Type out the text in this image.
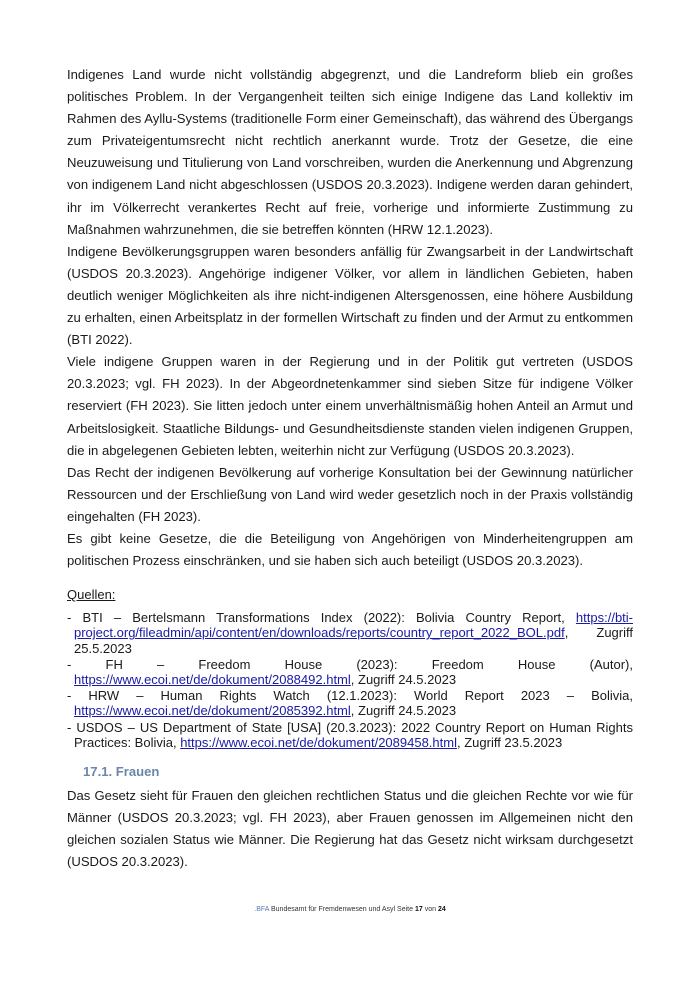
Indigenes Land wurde nicht vollständig abgegrenzt, und die Landreform blieb ein großes politisches Problem. In der Vergangenheit teilten sich einige Indigene das Land kollektiv im Rahmen des Ayllu-Systems (traditionelle Form einer Gemeinschaft), das während des Übergangs zum Privateigentumsrecht nicht rechtlich anerkannt wurde. Trotz der Gesetze, die eine Neuzuweisung und Titulierung von Land vorschreiben, wurden die Anerkennung und Abgrenzung von indigenem Land nicht abgeschlossen (USDOS 20.3.2023). Indigene werden daran gehindert, ihr im Völkerrecht verankertes Recht auf freie, vorherige und informierte Zustimmung zu Maßnahmen wahrzunehmen, die sie betreffen könnten (HRW 12.1.2023).

Indigene Bevölkerungsgruppen waren besonders anfällig für Zwangsarbeit in der Landwirtschaft (USDOS 20.3.2023). Angehörige indigener Völker, vor allem in ländlichen Gebieten, haben deutlich weniger Möglichkeiten als ihre nicht-indigenen Altersgenossen, eine höhere Ausbildung zu erhalten, einen Arbeitsplatz in der formellen Wirtschaft zu finden und der Armut zu entkommen (BTI 2022).

Viele indigene Gruppen waren in der Regierung und in der Politik gut vertreten (USDOS 20.3.2023; vgl. FH 2023). In der Abgeordnetenkammer sind sieben Sitze für indigene Völker reserviert (FH 2023). Sie litten jedoch unter einem unverhältnismäßig hohen Anteil an Armut und Arbeitslosigkeit. Staatliche Bildungs- und Gesundheitsdienste standen vielen indigenen Gruppen, die in abgelegenen Gebieten lebten, weiterhin nicht zur Verfügung (USDOS 20.3.2023).

Das Recht der indigenen Bevölkerung auf vorherige Konsultation bei der Gewinnung natürlicher Ressourcen und der Erschließung von Land wird weder gesetzlich noch in der Praxis vollständig eingehalten (FH 2023).

Es gibt keine Gesetze, die die Beteiligung von Angehörigen von Minderheitengruppen am politischen Prozess einschränken, und sie haben sich auch beteiligt (USDOS 20.3.2023).

Quellen:

- BTI – Bertelsmann Transformations Index (2022): Bolivia Country Report, https://bti-project.org/fileadmin/api/content/en/downloads/reports/country_report_2022_BOL.pdf, Zugriff 25.5.2023

- FH – Freedom House (2023): Freedom House (Autor), https://www.ecoi.net/de/dokument/2088492.html, Zugriff 24.5.2023

- HRW – Human Rights Watch (12.1.2023): World Report 2023 – Bolivia, https://www.ecoi.net/de/dokument/2085392.html, Zugriff 24.5.2023

- USDOS – US Department of State [USA] (20.3.2023): 2022 Country Report on Human Rights Practices: Bolivia, https://www.ecoi.net/de/dokument/2089458.html, Zugriff 23.5.2023

17.1. Frauen

Das Gesetz sieht für Frauen den gleichen rechtlichen Status und die gleichen Rechte vor wie für Männer (USDOS 20.3.2023; vgl. FH 2023), aber Frauen genossen im Allgemeinen nicht den gleichen sozialen Status wie Männer. Die Regierung hat das Gesetz nicht wirksam durchgesetzt (USDOS 20.3.2023).

.BFA Bundesamt für Fremdenwesen und Asyl Seite 17 von 24
